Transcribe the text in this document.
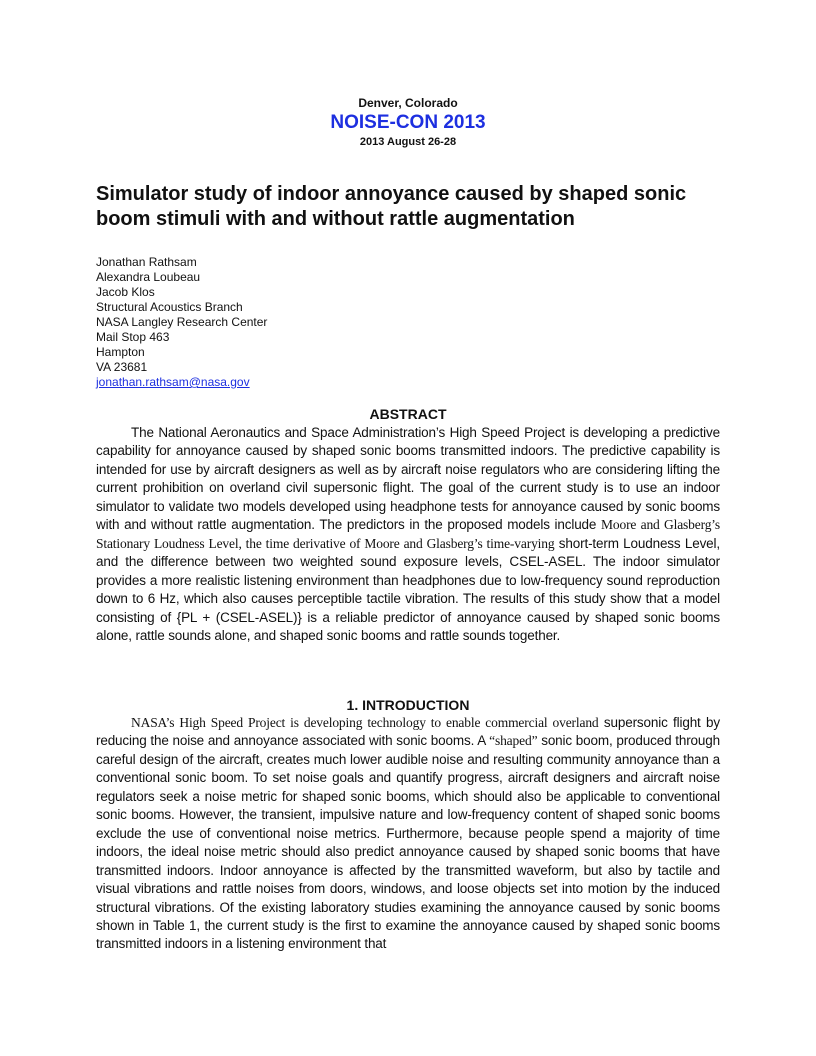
Denver, Colorado
NOISE-CON 2013
2013 August 26-28
Simulator study of indoor annoyance caused by shaped sonic boom stimuli with and without rattle augmentation
Jonathan Rathsam
Alexandra Loubeau
Jacob Klos
Structural Acoustics Branch
NASA Langley Research Center
Mail Stop 463
Hampton
VA 23681
jonathan.rathsam@nasa.gov
ABSTRACT

The National Aeronautics and Space Administration’s High Speed Project is developing a predictive capability for annoyance caused by shaped sonic booms transmitted indoors. The predictive capability is intended for use by aircraft designers as well as by aircraft noise regulators who are considering lifting the current prohibition on overland civil supersonic flight. The goal of the current study is to use an indoor simulator to validate two models developed using headphone tests for annoyance caused by sonic booms with and without rattle augmentation. The predictors in the proposed models include Moore and Glasberg’s Stationary Loudness Level, the time derivative of Moore and Glasberg’s time-varying short-term Loudness Level, and the difference between two weighted sound exposure levels, CSEL-ASEL. The indoor simulator provides a more realistic listening environment than headphones due to low-frequency sound reproduction down to 6 Hz, which also causes perceptible tactile vibration. The results of this study show that a model consisting of {PL + (CSEL-ASEL)} is a reliable predictor of annoyance caused by shaped sonic booms alone, rattle sounds alone, and shaped sonic booms and rattle sounds together.

1. INTRODUCTION

NASA’s High Speed Project is developing technology to enable commercial overland supersonic flight by reducing the noise and annoyance associated with sonic booms. A “shaped” sonic boom, produced through careful design of the aircraft, creates much lower audible noise and resulting community annoyance than a conventional sonic boom. To set noise goals and quantify progress, aircraft designers and aircraft noise regulators seek a noise metric for shaped sonic booms, which should also be applicable to conventional sonic booms. However, the transient, impulsive nature and low-frequency content of shaped sonic booms exclude the use of conventional noise metrics. Furthermore, because people spend a majority of time indoors, the ideal noise metric should also predict annoyance caused by shaped sonic booms that have transmitted indoors. Indoor annoyance is affected by the transmitted waveform, but also by tactile and visual vibrations and rattle noises from doors, windows, and loose objects set into motion by the induced structural vibrations. Of the existing laboratory studies examining the annoyance caused by sonic booms shown in Table 1, the current study is the first to examine the annoyance caused by shaped sonic booms transmitted indoors in a listening environment that
